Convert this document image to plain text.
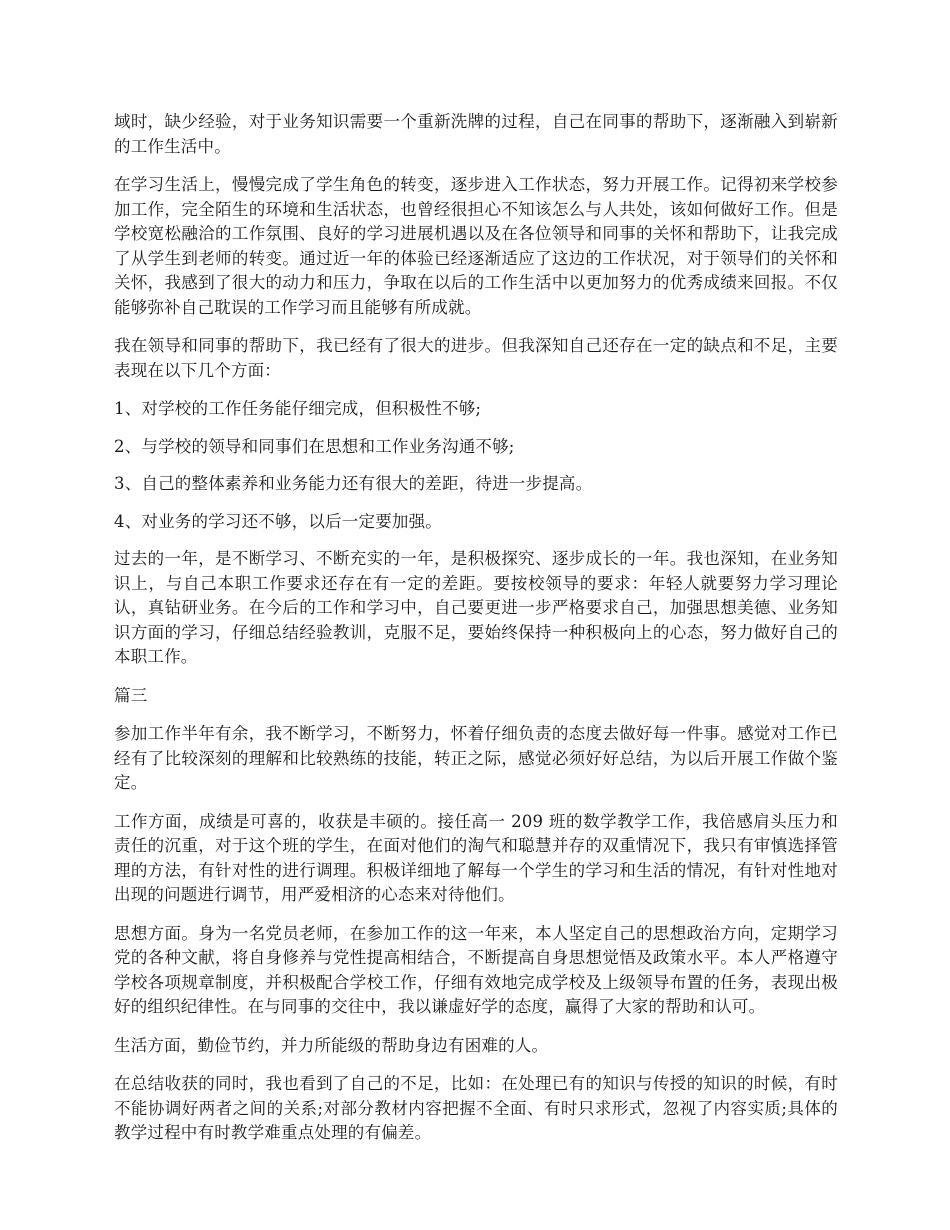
域时，缺少经验，对于业务知识需要一个重新洗牌的过程，自己在同事的帮助下，逐渐融入到崭新的工作生活中。

在学习生活上，慢慢完成了学生角色的转变，逐步进入工作状态，努力开展工作。记得初来学校参加工作，完全陌生的环境和生活状态，也曾经很担心不知该怎么与人共处，该如何做好工作。但是学校宽松融洽的工作氛围、良好的学习进展机遇以及在各位领导和同事的关怀和帮助下，让我完成了从学生到老师的转变。通过近一年的体验已经逐渐适应了这边的工作状况，对于领导们的关怀和关怀，我感到了很大的动力和压力，争取在以后的工作生活中以更加努力的优秀成绩来回报。不仅能够弥补自己耽误的工作学习而且能够有所成就。

我在领导和同事的帮助下，我已经有了很大的进步。但我深知自己还存在一定的缺点和不足，主要表现在以下几个方面：

1、对学校的工作任务能仔细完成，但积极性不够;

2、与学校的领导和同事们在思想和工作业务沟通不够;

3、自己的整体素养和业务能力还有很大的差距，待进一步提高。

4、对业务的学习还不够，以后一定要加强。

过去的一年，是不断学习、不断充实的一年，是积极探究、逐步成长的一年。我也深知，在业务知识上，与自己本职工作要求还存在有一定的差距。要按校领导的要求：年轻人就要努力学习理论认，真钻研业务。在今后的工作和学习中，自己要更进一步严格要求自己，加强思想美德、业务知识方面的学习，仔细总结经验教训，克服不足，要始终保持一种积极向上的心态，努力做好自己的本职工作。

篇三

参加工作半年有余，我不断学习，不断努力，怀着仔细负责的态度去做好每一件事。感觉对工作已经有了比较深刻的理解和比较熟练的技能，转正之际，感觉必须好好总结，为以后开展工作做个鉴定。

工作方面，成绩是可喜的，收获是丰硕的。接任高一 209 班的数学教学工作，我倍感肩头压力和责任的沉重，对于这个班的学生，在面对他们的淘气和聪慧并存的双重情况下，我只有审慎选择管理的方法，有针对性的进行调理。积极详细地了解每一个学生的学习和生活的情况，有针对性地对出现的问题进行调节，用严爱相济的心态来对待他们。

思想方面。身为一名党员老师，在参加工作的这一年来，本人坚定自己的思想政治方向，定期学习党的各种文献，将自身修养与党性提高相结合，不断提高自身思想觉悟及政策水平。本人严格遵守学校各项规章制度，并积极配合学校工作，仔细有效地完成学校及上级领导布置的任务，表现出极好的组织纪律性。在与同事的交往中，我以谦虚好学的态度，赢得了大家的帮助和认可。

生活方面，勤俭节约，并力所能级的帮助身边有困难的人。

在总结收获的同时，我也看到了自己的不足，比如：在处理已有的知识与传授的知识的时候，有时不能协调好两者之间的关系;对部分教材内容把握不全面、有时只求形式，忽视了内容实质;具体的教学过程中有时教学难重点处理的有偏差。
